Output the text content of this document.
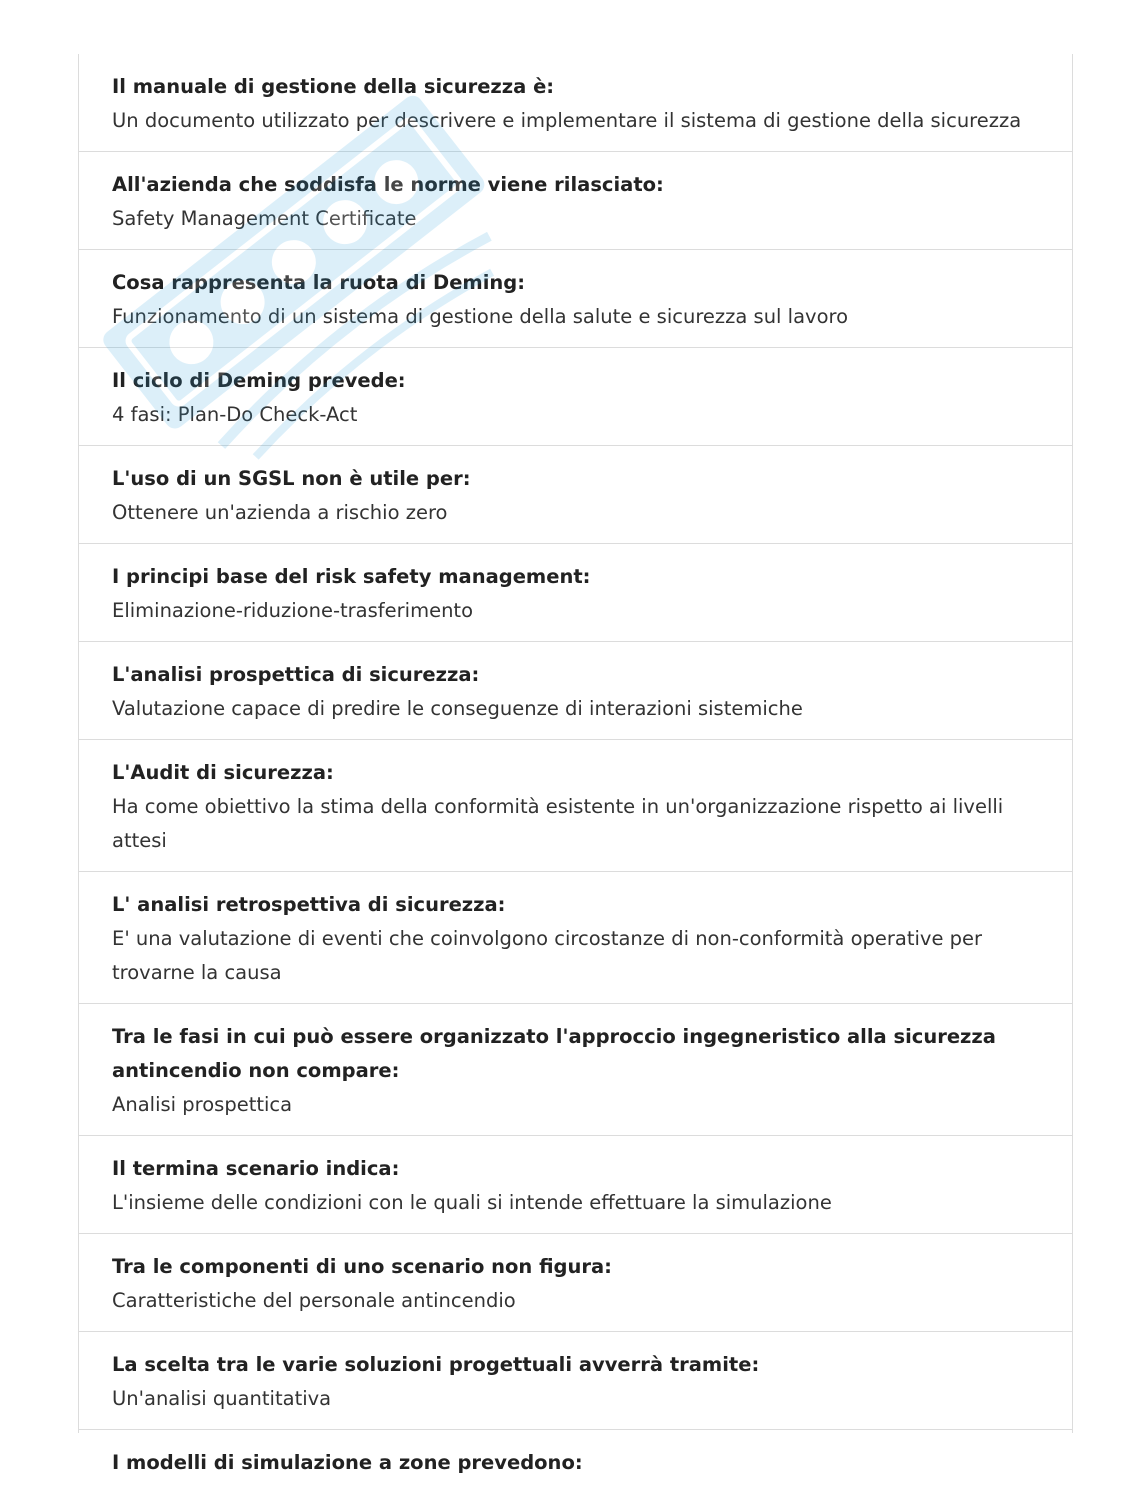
Il manuale di gestione della sicurezza è:
Un documento utilizzato per descrivere e implementare il sistema di gestione della sicurezza
All'azienda che soddisfa le norme viene rilasciato:
Safety Management Certificate
Cosa rappresenta la ruota di Deming:
Funzionamento di un sistema di gestione della salute e sicurezza sul lavoro
Il ciclo di Deming prevede:
4 fasi: Plan-Do Check-Act
L'uso di un SGSL non è utile per:
Ottenere un'azienda a rischio zero
I principi base del risk safety management:
Eliminazione-riduzione-trasferimento
L'analisi prospettica di sicurezza:
Valutazione capace di predire le conseguenze di interazioni sistemiche
L'Audit di sicurezza:
Ha come obiettivo la stima della conformità esistente in un'organizzazione rispetto ai livelli attesi
L' analisi retrospettiva di sicurezza:
E' una valutazione di eventi che coinvolgono circostanze di non-conformità operative per trovarne la causa
Tra le fasi in cui può essere organizzato l'approccio ingegneristico alla sicurezza antincendio non compare:
Analisi prospettica
Il termina scenario indica:
L'insieme delle condizioni con le quali si intende effettuare la simulazione
Tra le componenti di uno scenario non figura:
Caratteristiche del personale antincendio
La scelta tra le varie soluzioni progettuali avverrà tramite:
Un'analisi quantitativa
I modelli di simulazione a zone prevedono:
